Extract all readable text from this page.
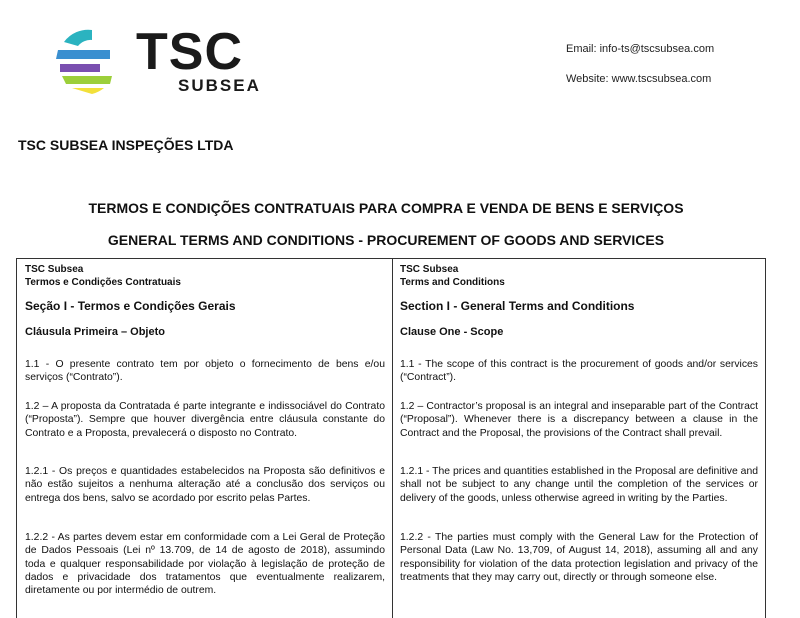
TSC
SUBSEA
Email: info-ts@tscsubsea.com
Website: www.tscsubsea.com
TSC SUBSEA INSPEÇÕES LTDA
TERMOS E CONDIÇÕES CONTRATUAIS PARA COMPRA E VENDA DE BENS E SERVIÇOS
GENERAL TERMS AND CONDITIONS - PROCUREMENT OF GOODS AND SERVICES
TSC Subsea
Termos e Condições Contratuais
Seção I - Termos e Condições Gerais
Cláusula Primeira – Objeto

1.1 - O presente contrato tem por objeto o fornecimento de bens e/ou serviços (“Contrato”).

1.2 – A proposta da Contratada é parte integrante e indissociável do Contrato (“Proposta”). Sempre que houver divergência entre cláusula constante do Contrato e a Proposta, prevalecerá o disposto no Contrato.

1.2.1 - Os preços e quantidades estabelecidos na Proposta são definitivos e não estão sujeitos a nenhuma alteração até a conclusão dos serviços ou entrega dos bens, salvo se acordado por escrito pelas Partes.

1.2.2 - As partes devem estar em conformidade com a Lei Geral de Proteção de Dados Pessoais (Lei nº 13.709, de 14 de agosto de 2018), assumindo toda e qualquer responsabilidade por violação à legislação de proteção de dados e privacidade dos tratamentos que eventualmente realizarem, diretamente ou por intermédio de outrem.

TSC Subsea
Terms and Conditions
Section I - General Terms and Conditions
Clause One - Scope

1.1 - The scope of this contract is the procurement of goods and/or services (“Contract”).

1.2 – Contractor’s proposal is an integral and inseparable part of the Contract (“Proposal”). Whenever there is a discrepancy between a clause in the Contract and the Proposal, the provisions of the Contract shall prevail.

1.2.1 - The prices and quantities established in the Proposal are definitive and shall not be subject to any change until the completion of the services or delivery of the goods, unless otherwise agreed in writing by the Parties.

1.2.2 - The parties must comply with the General Law for the Protection of Personal Data (Law No. 13,709, of August 14, 2018), assuming all and any responsibility for violation of the data protection legislation and privacy of the treatments that they may carry out, directly or through someone else.
